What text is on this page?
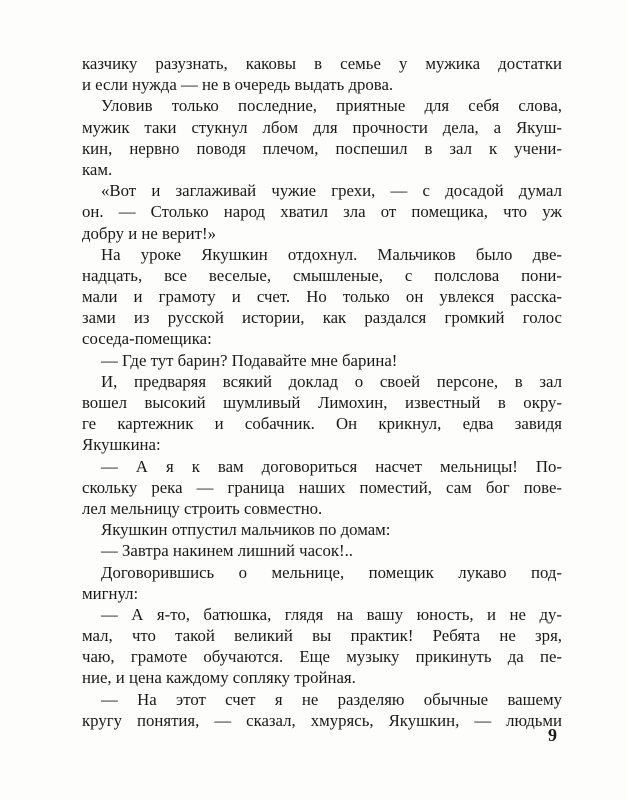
казчику разузнать, каковы в семье у мужика достатки
и если нужда — не в очередь выдать дрова.
Уловив только последние, приятные для себя слова,
мужик таки стукнул лбом для прочности дела, а Якуш-
кин, нервно поводя плечом, поспешил в зал к учени-
кам.
«Вот и заглаживай чужие грехи, — с досадой думал
он. — Столько народ хватил зла от помещика, что уж
добру и не верит!»
На уроке Якушкин отдохнул. Мальчиков было две-
надцать, все веселые, смышленые, с полслова пони-
мали и грамоту и счет. Но только он увлекся расска-
зами из русской истории, как раздался громкий голос
соседа-помещика:
— Где тут барин? Подавайте мне барина!
И, предваряя всякий доклад о своей персоне, в зал
вошел высокий шумливый Лимохин, известный в окру-
ге картежник и собачник. Он крикнул, едва завидя
Якушкина:
— А я к вам договориться насчет мельницы! По-
скольку река — граница наших поместий, сам бог пове-
лел мельницу строить совместно.
Якушкин отпустил мальчиков по домам:
— Завтра накинем лишний часок!..
Договорившись о мельнице, помещик лукаво под-
мигнул:
— А я-то, батюшка, глядя на вашу юность, и не ду-
мал, что такой великий вы практик! Ребята не зря,
чаю, грамоте обучаются. Еще музыку прикинуть да пе-
ние, и цена каждому сопляку тройная.
— На этот счет я не разделяю обычные вашему
кругу понятия, — сказал, хмурясь, Якушкин, — людьми
9
